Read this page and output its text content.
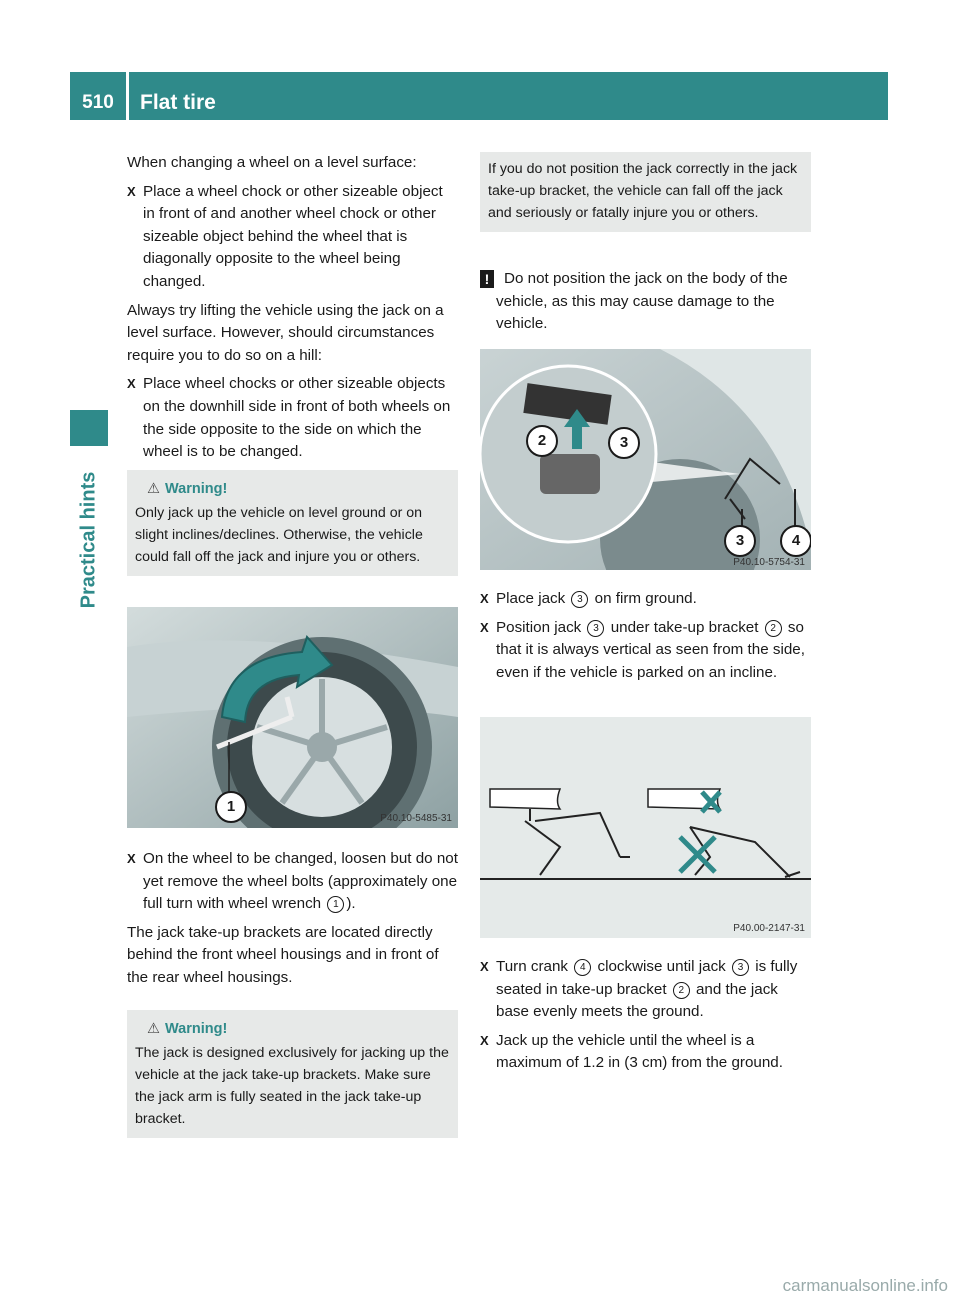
510	Flat tire
Practical hints

When changing a wheel on a level surface:

X Place a wheel chock or other sizeable object in front of and another wheel chock or other sizeable object behind the wheel that is diagonally opposite to the wheel being changed.

Always try lifting the vehicle using the jack on a level surface. However, should circumstances require you to do so on a hill:

X Place wheel chocks or other sizeable objects on the downhill side in front of both wheels on the side opposite to the side on which the wheel is to be changed.
⚠ Warning!
Only jack up the vehicle on level ground or on slight inclines/declines. Otherwise, the vehicle could fall off the jack and injure you or others.
1
P40.10-5485-31
X On the wheel to be changed, loosen but do not yet remove the wheel bolts (approximately one full turn with wheel wrench 1 ).

The jack take-up brackets are located directly behind the front wheel housings and in front of the rear wheel housings.

⚠ Warning!
The jack is designed exclusively for jacking up the vehicle at the jack take-up brackets. Make sure the jack arm is fully seated in the jack take-up bracket.
If you do not position the jack correctly in the jack take-up bracket, the vehicle can fall off the jack and seriously or fatally injure you or others.
! Do not position the jack on the body of the vehicle, as this may cause damage to the vehicle.
2	3
3	4
P40.10-5754-31
X Place jack 3 on firm ground.
X Position jack 3 under take-up bracket 2 so that it is always vertical as seen from the side, even if the vehicle is parked on an incline.
P40.00-2147-31
X Turn crank 4 clockwise until jack 3 is fully seated in take-up bracket 2 and the jack base evenly meets the ground.
X Jack up the vehicle until the wheel is a maximum of 1.2 in (3 cm) from the ground.
carmanualsonline.info
